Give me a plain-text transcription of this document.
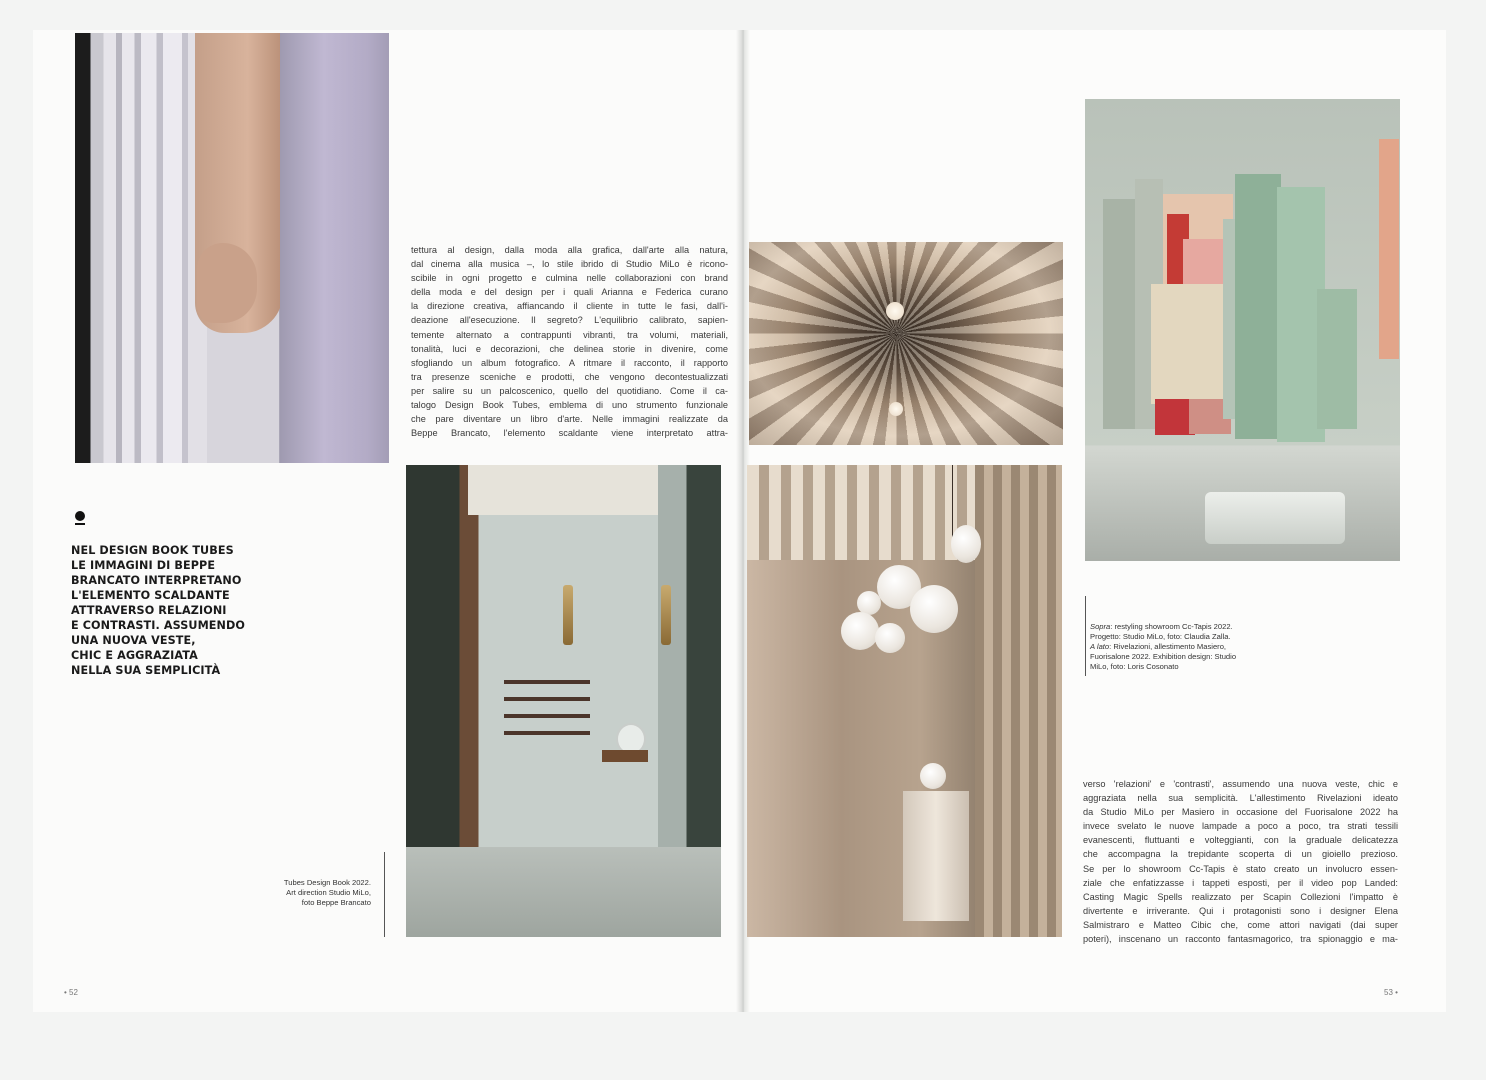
NEL DESIGN BOOK TUBES
LE IMMAGINI DI BEPPE
BRANCATO INTERPRETANO
L'ELEMENTO SCALDANTE
ATTRAVERSO RELAZIONI
E CONTRASTI. ASSUMENDO
UNA NUOVA VESTE,
CHIC E AGGRAZIATA
NELLA SUA SEMPLICITÀ
tettura al design, dalla moda alla grafica, dall'arte alla natura,
dal cinema alla musica –, lo stile ibrido di Studio MiLo è ricono-
scibile in ogni progetto e culmina nelle collaborazioni con brand
della moda e del design per i quali Arianna e Federica curano
la direzione creativa, affiancando il cliente in tutte le fasi, dall'i-
deazione all'esecuzione. Il segreto? L'equilibrio calibrato, sapien-
temente alternato a contrappunti vibranti, tra volumi, materiali,
tonalità, luci e decorazioni, che delinea storie in divenire, come
sfogliando un album fotografico. A ritmare il racconto, il rapporto
tra presenze sceniche e prodotti, che vengono decontestualizzati
per salire su un palcoscenico, quello del quotidiano. Come il ca-
talogo Design Book Tubes, emblema di uno strumento funzionale
che pare diventare un libro d'arte. Nelle immagini realizzate da
Beppe Brancato, l'elemento scaldante viene interpretato attra-
Tubes Design Book 2022.
Art direction Studio MiLo,
foto Beppe Brancato
• 52
Sopra: restyling showroom Cc-Tapis 2022.
Progetto: Studio MiLo, foto: Claudia Zalla.
A lato: Rivelazioni, allestimento Masiero,
Fuorisalone 2022. Exhibition design: Studio
MiLo, foto: Loris Cosonato
verso 'relazioni' e 'contrasti', assumendo una nuova veste, chic e
aggraziata nella sua semplicità. L'allestimento Rivelazioni ideato
da Studio MiLo per Masiero in occasione del Fuorisalone 2022 ha
invece svelato le nuove lampade a poco a poco, tra strati tessili
evanescenti, fluttuanti e volteggianti, con la graduale delicatezza
che accompagna la trepidante scoperta di un gioiello prezioso.
Se per lo showroom Cc-Tapis è stato creato un involucro essen-
ziale che enfatizzasse i tappeti esposti, per il video pop Landed:
Casting Magic Spells realizzato per Scapin Collezioni l'impatto è
divertente e irriverante. Qui i protagonisti sono i designer Elena
Salmistraro e Matteo Cibic che, come attori navigati (dai super
poteri), inscenano un racconto fantasmagorico, tra spionaggio e ma-
53 •
